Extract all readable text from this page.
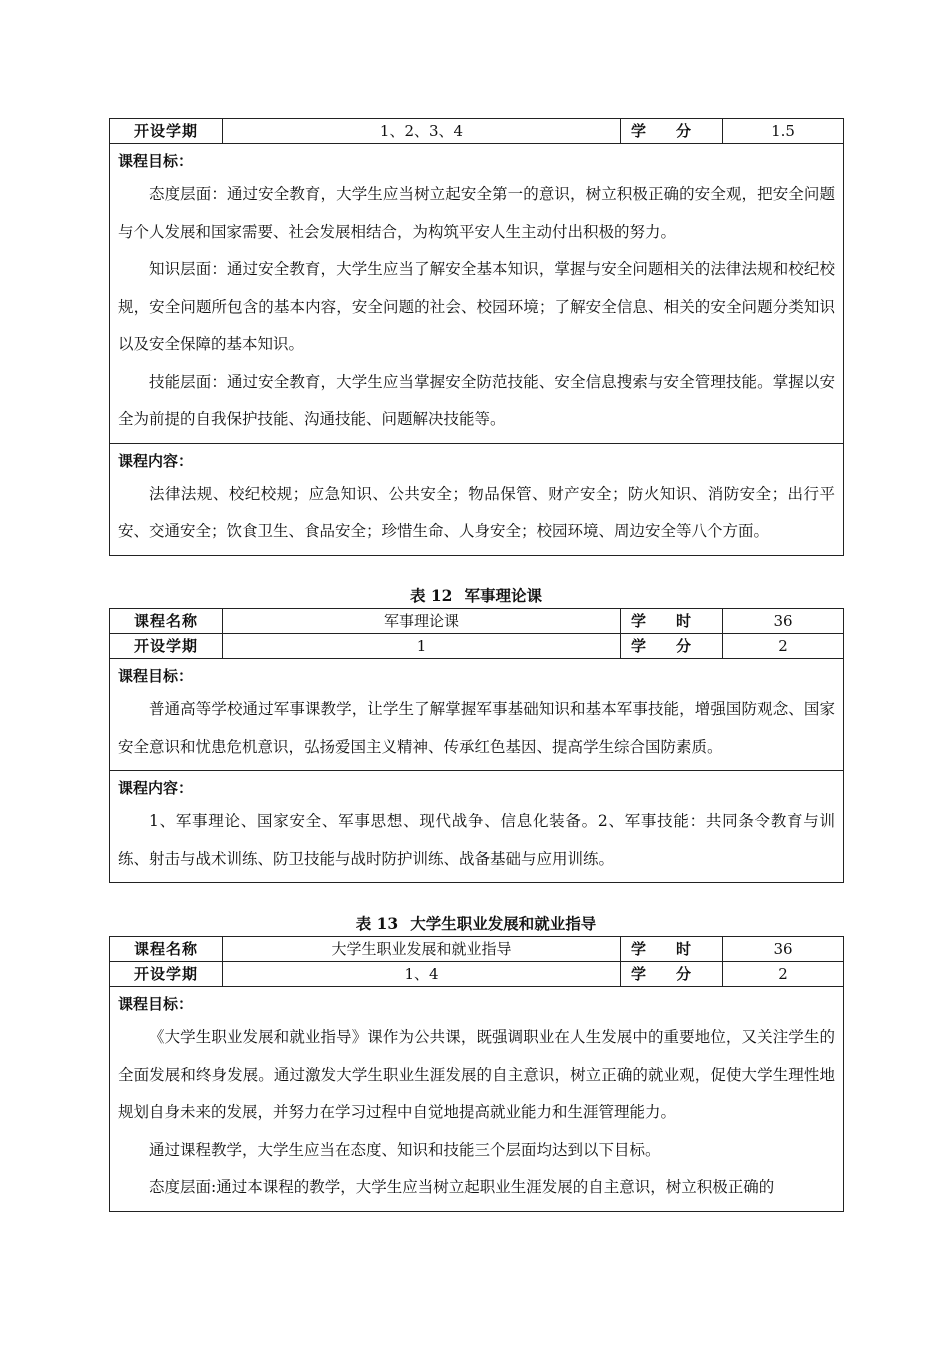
开设学期	1、2、3、4	学　　分	1.5

课程目标：

态度层面：通过安全教育，大学生应当树立起安全第一的意识，树立积极正确的安全观，把安全问题与个人发展和国家需要、社会发展相结合，为构筑平安人生主动付出积极的努力。

知识层面：通过安全教育，大学生应当了解安全基本知识，掌握与安全问题相关的法律法规和校纪校规，安全问题所包含的基本内容，安全问题的社会、校园环境；了解安全信息、相关的安全问题分类知识以及安全保障的基本知识。

技能层面：通过安全教育，大学生应当掌握安全防范技能、安全信息搜索与安全管理技能。掌握以安全为前提的自我保护技能、沟通技能、问题解决技能等。

课程内容：

法律法规、校纪校规；应急知识、公共安全；物品保管、财产安全；防火知识、消防安全；出行平安、交通安全；饮食卫生、食品安全；珍惜生命、人身安全；校园环境、周边安全等八个方面。

表 12 军事理论课
课程名称	军事理论课	学　　时	36
开设学期	1	学　　分	2

课程目标：

普通高等学校通过军事课教学，让学生了解掌握军事基础知识和基本军事技能，增强国防观念、国家安全意识和忧患危机意识，弘扬爱国主义精神、传承红色基因、提高学生综合国防素质。			

课程内容：

1、军事理论、国家安全、军事思想、现代战争、信息化装备。2、军事技能：共同条令教育与训练、射击与战术训练、防卫技能与战时防护训练、战备基础与应用训练。			

表 13 大学生职业发展和就业指导
课程名称	大学生职业发展和就业指导	学　　时	36
开设学期	1、4	学　　分	2

课程目标：

《大学生职业发展和就业指导》课作为公共课，既强调职业在人生发展中的重要地位，又关注学生的全面发展和终身发展。通过激发大学生职业生涯发展的自主意识，树立正确的就业观，促使大学生理性地规划自身未来的发展，并努力在学习过程中自觉地提高就业能力和生涯管理能力。

通过课程教学，大学生应当在态度、知识和技能三个层面均达到以下目标。

态度层面:通过本课程的教学，大学生应当树立起职业生涯发展的自主意识，树立积极正确的			
